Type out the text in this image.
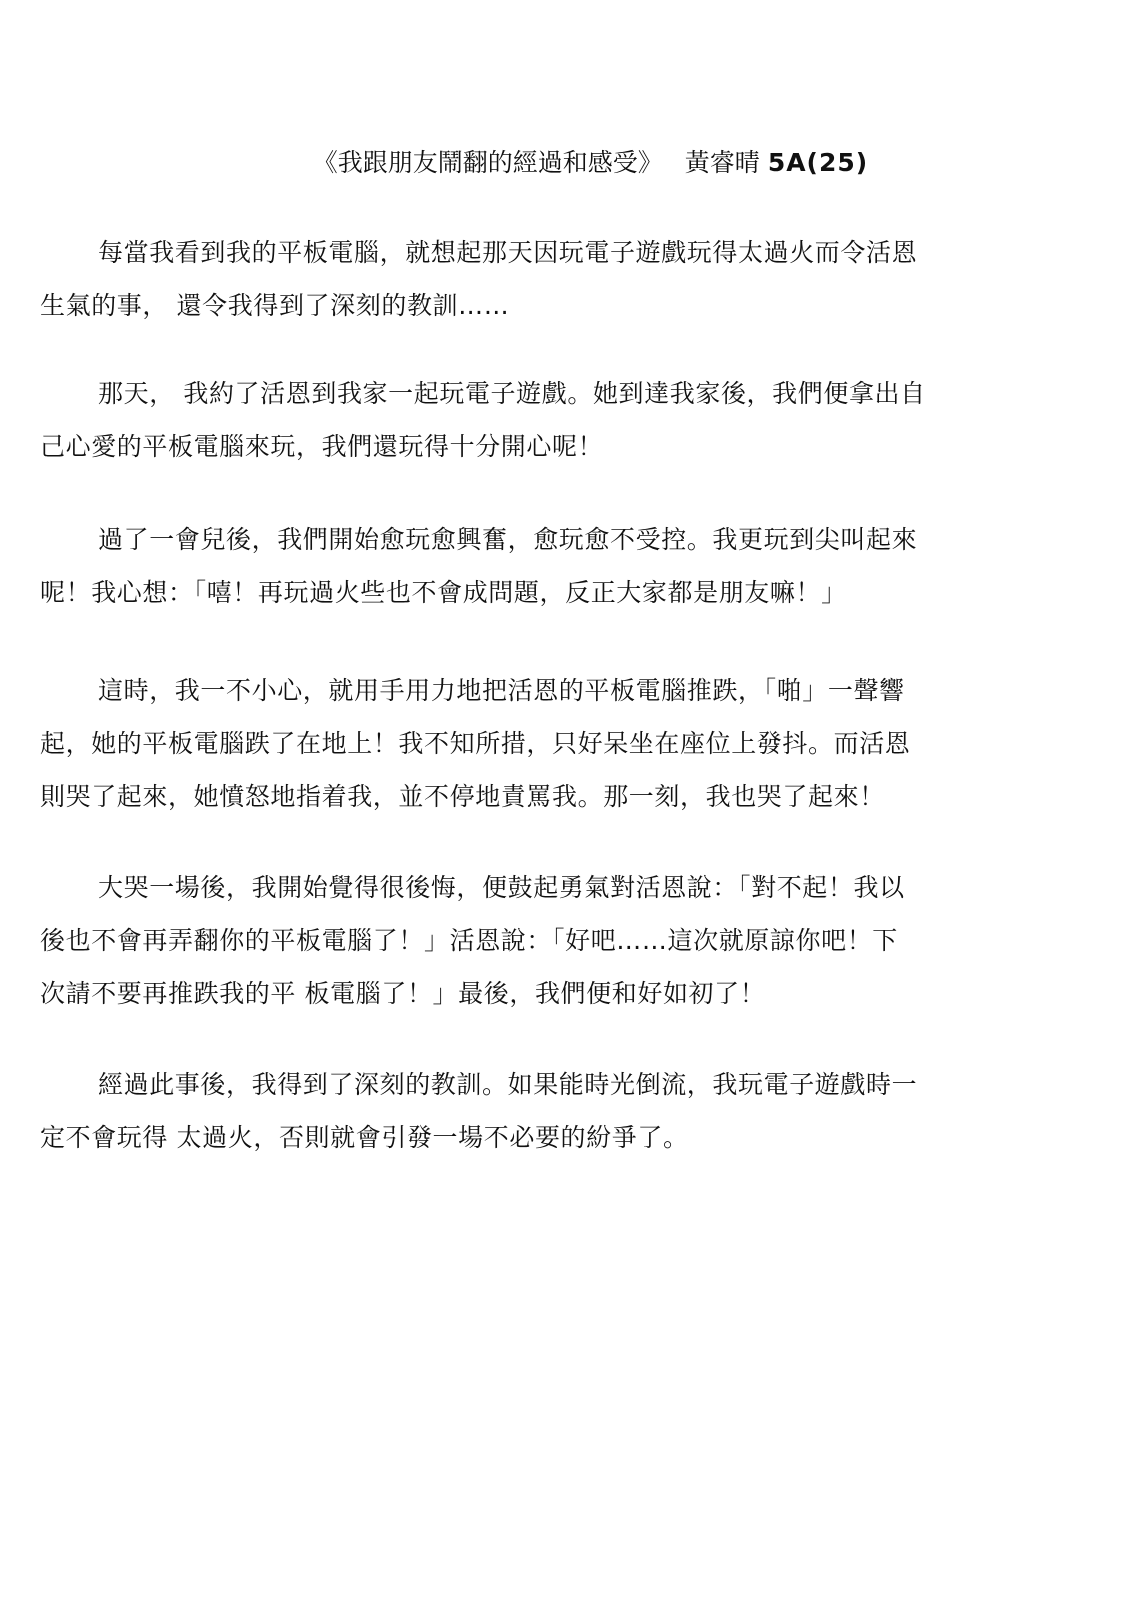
《我跟朋友鬧翻的經過和感受》 黃睿晴 5A(25)

每當我看到我的平板電腦，就想起那天因玩電子遊戲玩得太過火而令活恩
生氣的事， 還令我得到了深刻的教訓……

那天， 我約了活恩到我家一起玩電子遊戲。她到達我家後，我們便拿出自
己心愛的平板電腦來玩，我們還玩得十分開心呢！

過了一會兒後，我們開始愈玩愈興奮，愈玩愈不受控。我更玩到尖叫起來
呢！我心想：「嘻！再玩過火些也不會成問題，反正大家都是朋友嘛！」

這時，我一不小心，就用手用力地把活恩的平板電腦推跌，「啪」一聲響
起，她的平板電腦跌了在地上！我不知所措，只好呆坐在座位上發抖。而活恩
則哭了起來，她憤怒地指着我，並不停地責罵我。那一刻，我也哭了起來！

大哭一場後，我開始覺得很後悔，便鼓起勇氣對活恩說：「對不起！我以
後也不會再弄翻你的平板電腦了！」活恩說：「好吧……這次就原諒你吧！下
次請不要再推跌我的平 板電腦了！」最後，我們便和好如初了！

經過此事後，我得到了深刻的教訓。如果能時光倒流，我玩電子遊戲時一
定不會玩得 太過火，否則就會引發一場不必要的紛爭了。
